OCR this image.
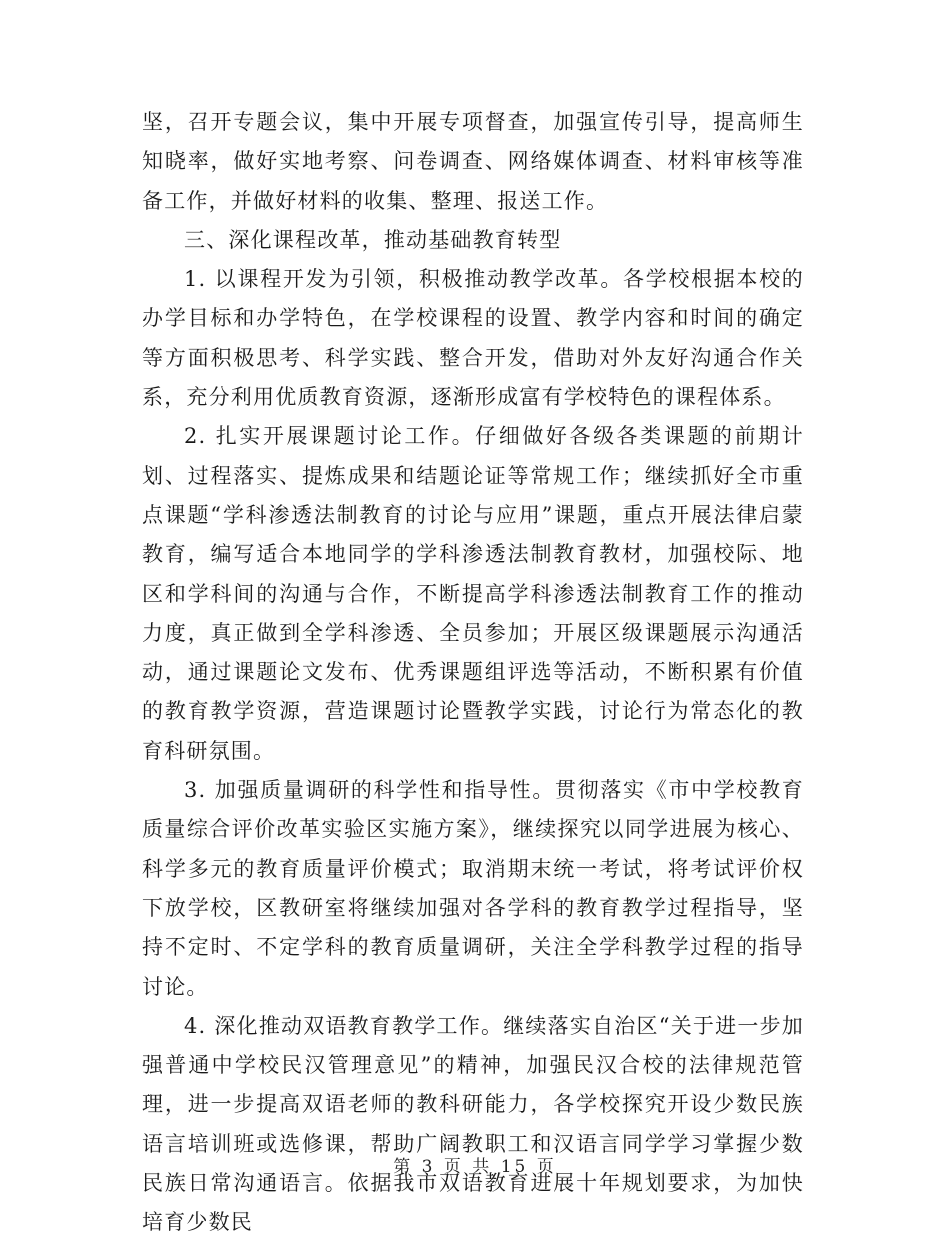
坚，召开专题会议，集中开展专项督查，加强宣传引导，提高师生知晓率，做好实地考察、问卷调查、网络媒体调查、材料审核等准备工作，并做好材料的收集、整理、报送工作。

三、深化课程改革，推动基础教育转型

1. 以课程开发为引领，积极推动教学改革。各学校根据本校的办学目标和办学特色，在学校课程的设置、教学内容和时间的确定等方面积极思考、科学实践、整合开发，借助对外友好沟通合作关系，充分利用优质教育资源，逐渐形成富有学校特色的课程体系。

2. 扎实开展课题讨论工作。仔细做好各级各类课题的前期计划、过程落实、提炼成果和结题论证等常规工作；继续抓好全市重点课题“学科渗透法制教育的讨论与应用”课题，重点开展法律启蒙教育，编写适合本地同学的学科渗透法制教育教材，加强校际、地区和学科间的沟通与合作，不断提高学科渗透法制教育工作的推动力度，真正做到全学科渗透、全员参加；开展区级课题展示沟通活动，通过课题论文发布、优秀课题组评选等活动，不断积累有价值的教育教学资源，营造课题讨论暨教学实践，讨论行为常态化的教育科研氛围。

3. 加强质量调研的科学性和指导性。贯彻落实《市中学校教育质量综合评价改革实验区实施方案》，继续探究以同学进展为核心、科学多元的教育质量评价模式；取消期末统一考试，将考试评价权下放学校，区教研室将继续加强对各学科的教育教学过程指导，坚持不定时、不定学科的教育质量调研，关注全学科教学过程的指导讨论。

4. 深化推动双语教育教学工作。继续落实自治区“关于进一步加强普通中学校民汉管理意见”的精神，加强民汉合校的法律规范管理，进一步提高双语老师的教科研能力，各学校探究开设少数民族语言培训班或选修课，帮助广阔教职工和汉语言同学学习掌握少数民族日常沟通语言。依据我市双语教育进展十年规划要求，为加快培育少数民

第 3 页 共 15 页
